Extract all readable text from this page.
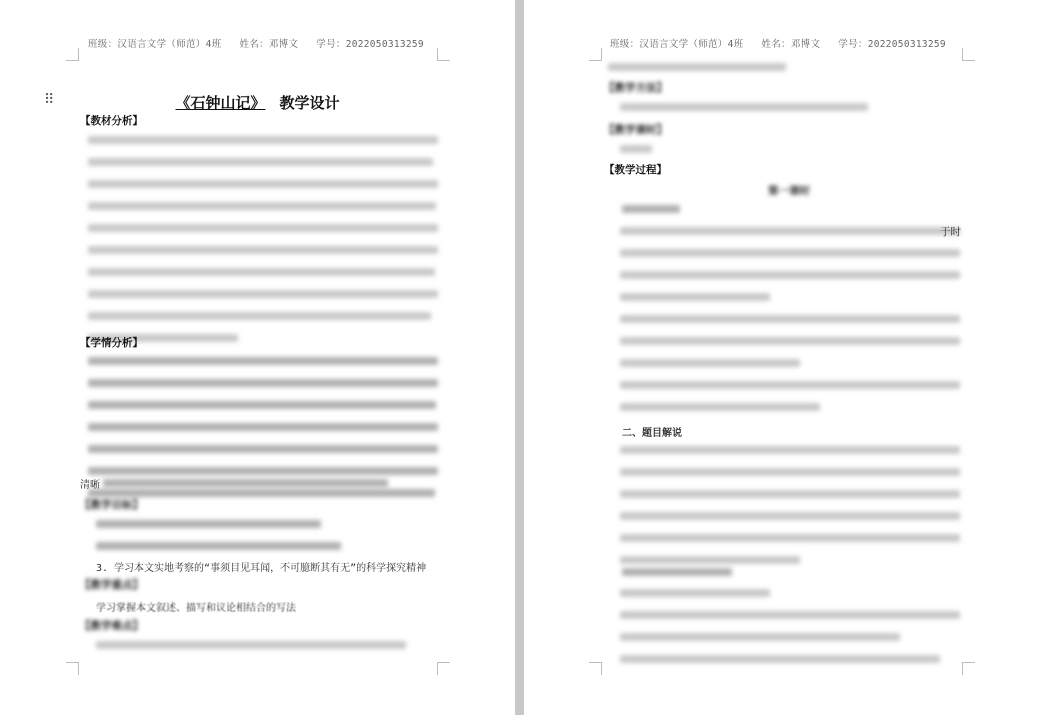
班级：汉语言文学（师范）4班 姓名：邓博文 学号：2022050313259
⠿	《石钟山记》 教学设计
【教材分析】
【学情分析】
清晰
【教学目标】
3. 学习本文实地考察的“事须目见耳闻，不可臆断其有无”的科学探究精神
【教学重点】
学习掌握本文叙述、描写和议论相结合的写法
【教学难点】
班级：汉语言文学（师范）4班 姓名：邓博文 学号：2022050313259
【教学方法】
【教学课时】
【教学过程】
第一课时
于时
二、题目解说
